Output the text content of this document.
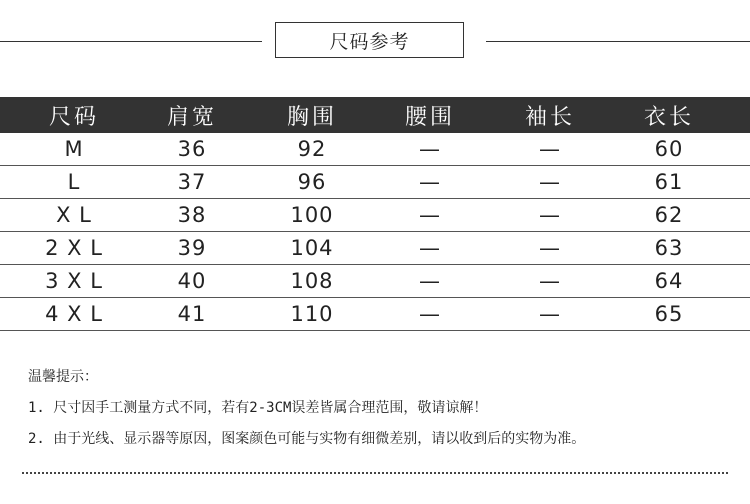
尺码参考
尺码	肩宽	胸围	腰围	袖长	衣长
M	36	92	—	—	60
L	37	96	—	—	61
X L	38	100	—	—	62
2 X L	39	104	—	—	63
3 X L	40	108	—	—	64
4 X L	41	110	—	—	65
温馨提示：
1. 尺寸因手工测量方式不同，若有2-3CM误差皆属合理范围，敬请谅解！
2. 由于光线、显示器等原因，图案颜色可能与实物有细微差别，请以收到后的实物为准。
